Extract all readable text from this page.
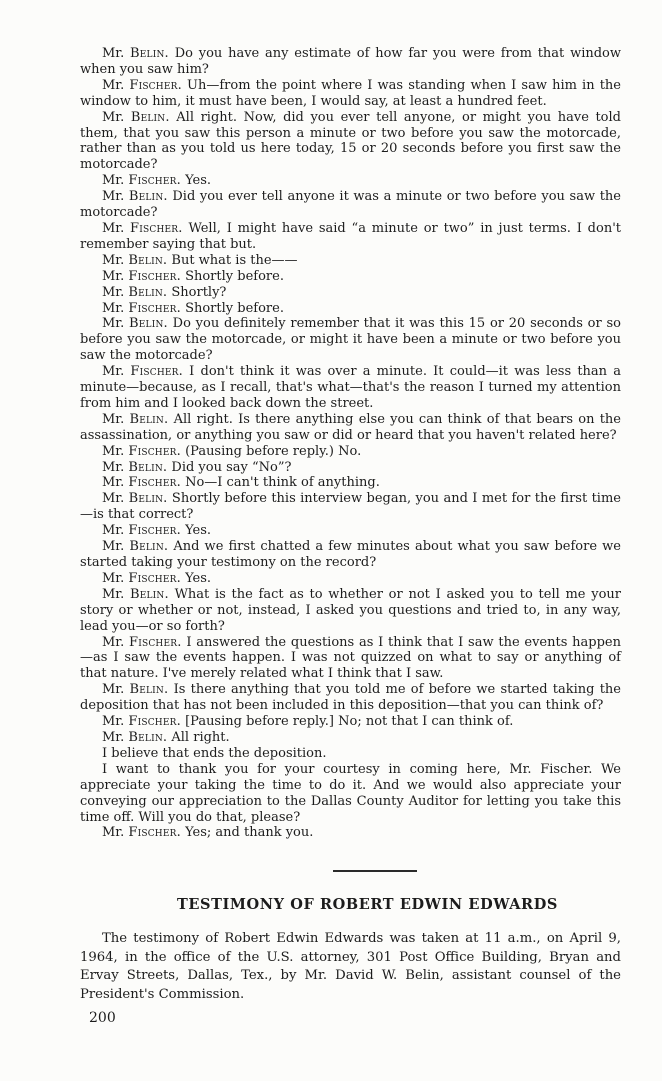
Mr. Belin. Do you have any estimate of how far you were from that window when you saw him?

Mr. Fischer. Uh—from the point where I was standing when I saw him in the window to him, it must have been, I would say, at least a hundred feet.

Mr. Belin. All right. Now, did you ever tell anyone, or might you have told them, that you saw this person a minute or two before you saw the motorcade, rather than as you told us here today, 15 or 20 seconds before you first saw the motorcade?

Mr. Fischer. Yes.

Mr. Belin. Did you ever tell anyone it was a minute or two before you saw the motorcade?

Mr. Fischer. Well, I might have said “a minute or two” in just terms. I don't remember saying that but.

Mr. Belin. But what is the——

Mr. Fischer. Shortly before.

Mr. Belin. Shortly?

Mr. Fischer. Shortly before.

Mr. Belin. Do you definitely remember that it was this 15 or 20 seconds or so before you saw the motorcade, or might it have been a minute or two before you saw the motorcade?

Mr. Fischer. I don't think it was over a minute. It could—it was less than a minute—because, as I recall, that's what—that's the reason I turned my attention from him and I looked back down the street.

Mr. Belin. All right. Is there anything else you can think of that bears on the assassination, or anything you saw or did or heard that you haven't related here?

Mr. Fischer. (Pausing before reply.) No.

Mr. Belin. Did you say “No”?

Mr. Fischer. No—I can't think of anything.

Mr. Belin. Shortly before this interview began, you and I met for the first time—is that correct?

Mr. Fischer. Yes.

Mr. Belin. And we first chatted a few minutes about what you saw before we started taking your testimony on the record?

Mr. Fischer. Yes.

Mr. Belin. What is the fact as to whether or not I asked you to tell me your story or whether or not, instead, I asked you questions and tried to, in any way, lead you—or so forth?

Mr. Fischer. I answered the questions as I think that I saw the events happen—as I saw the events happen. I was not quizzed on what to say or anything of that nature. I've merely related what I think that I saw.

Mr. Belin. Is there anything that you told me of before we started taking the deposition that has not been included in this deposition—that you can think of?

Mr. Fischer. [Pausing before reply.] No; not that I can think of.

Mr. Belin. All right.

I believe that ends the deposition.

I want to thank you for your courtesy in coming here, Mr. Fischer. We appreciate your taking the time to do it. And we would also appreciate your conveying our appreciation to the Dallas County Auditor for letting you take this time off. Will you do that, please?

Mr. Fischer. Yes; and thank you.

TESTIMONY OF ROBERT EDWIN EDWARDS

The testimony of Robert Edwin Edwards was taken at 11 a.m., on April 9, 1964, in the office of the U.S. attorney, 301 Post Office Building, Bryan and Ervay Streets, Dallas, Tex., by Mr. David W. Belin, assistant counsel of the President's Commission.

200
